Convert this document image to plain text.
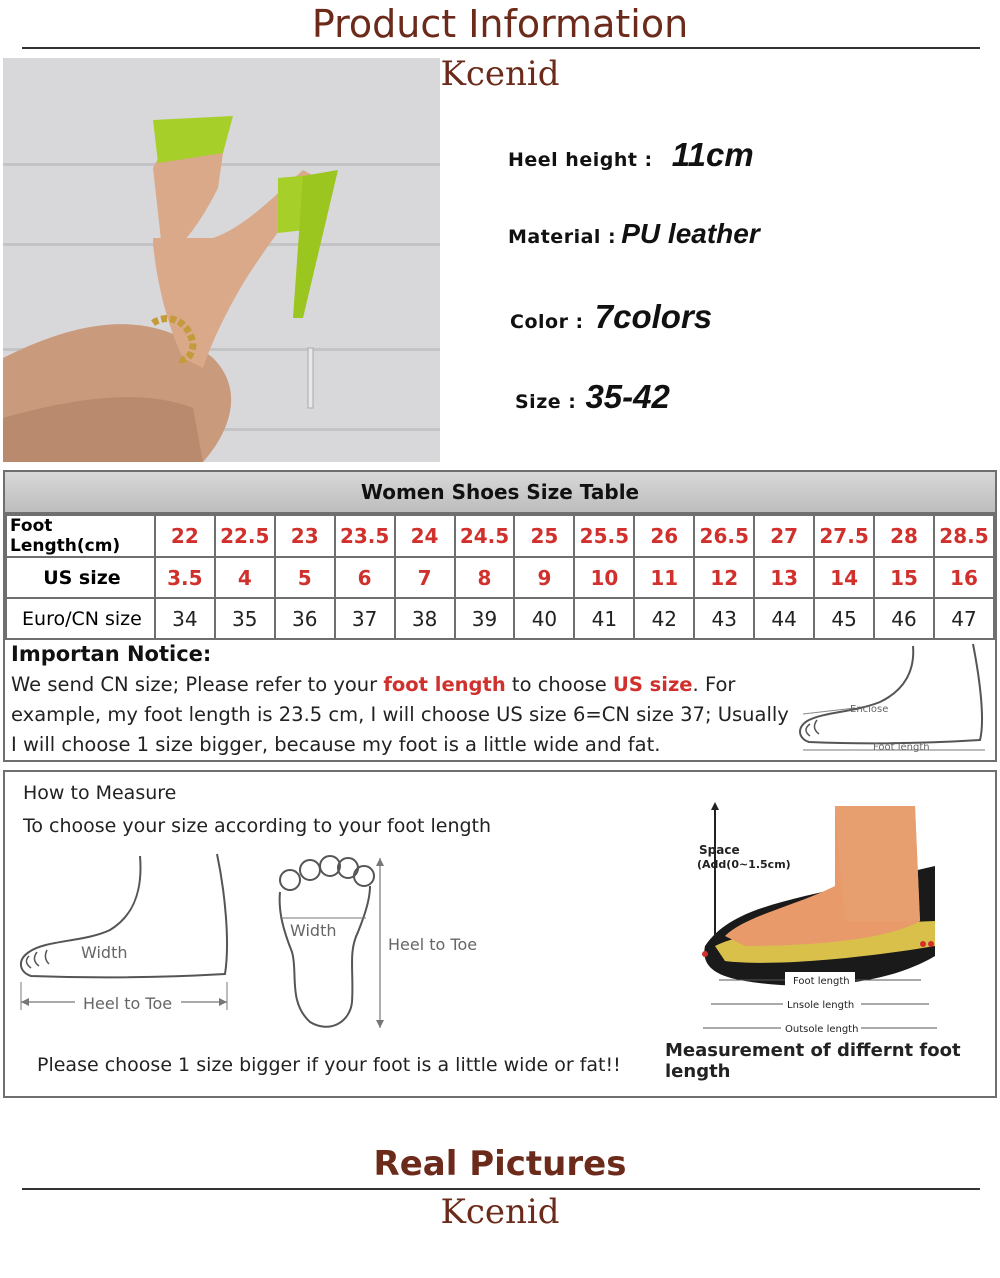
Product Information
Kcenid
Heel height : 11cm
Material : PU leather
Color : 7colors
Size : 35-42
Women Shoes Size Table
Foot Length(cm)	22	22.5	23	23.5	24	24.5	25	25.5	26	26.5	27	27.5	28	28.5
US size	3.5	4	5	6	7	8	9	10	11	12	13	14	15	16
Euro/CN size	34	35	36	37	38	39	40	41	42	43	44	45	46	47
Importan Notice:
We send CN size; Please refer to your foot length to choose US size. For example, my foot length is 23.5 cm, I will choose US size 6=CN size 37; Usually I will choose 1 size bigger, because my foot is a little wide and fat.
Enclose
Foot length
How to Measure
To choose your size according to your foot length
Width
Heel to Toe
Width
Heel to Toe
Please choose 1 size bigger if your foot is a little wide or fat!!
Space
(Add(0~1.5cm)
Foot length
Lnsole length
Outsole length
Measurement of differnt foot length
Real Pictures
Kcenid
